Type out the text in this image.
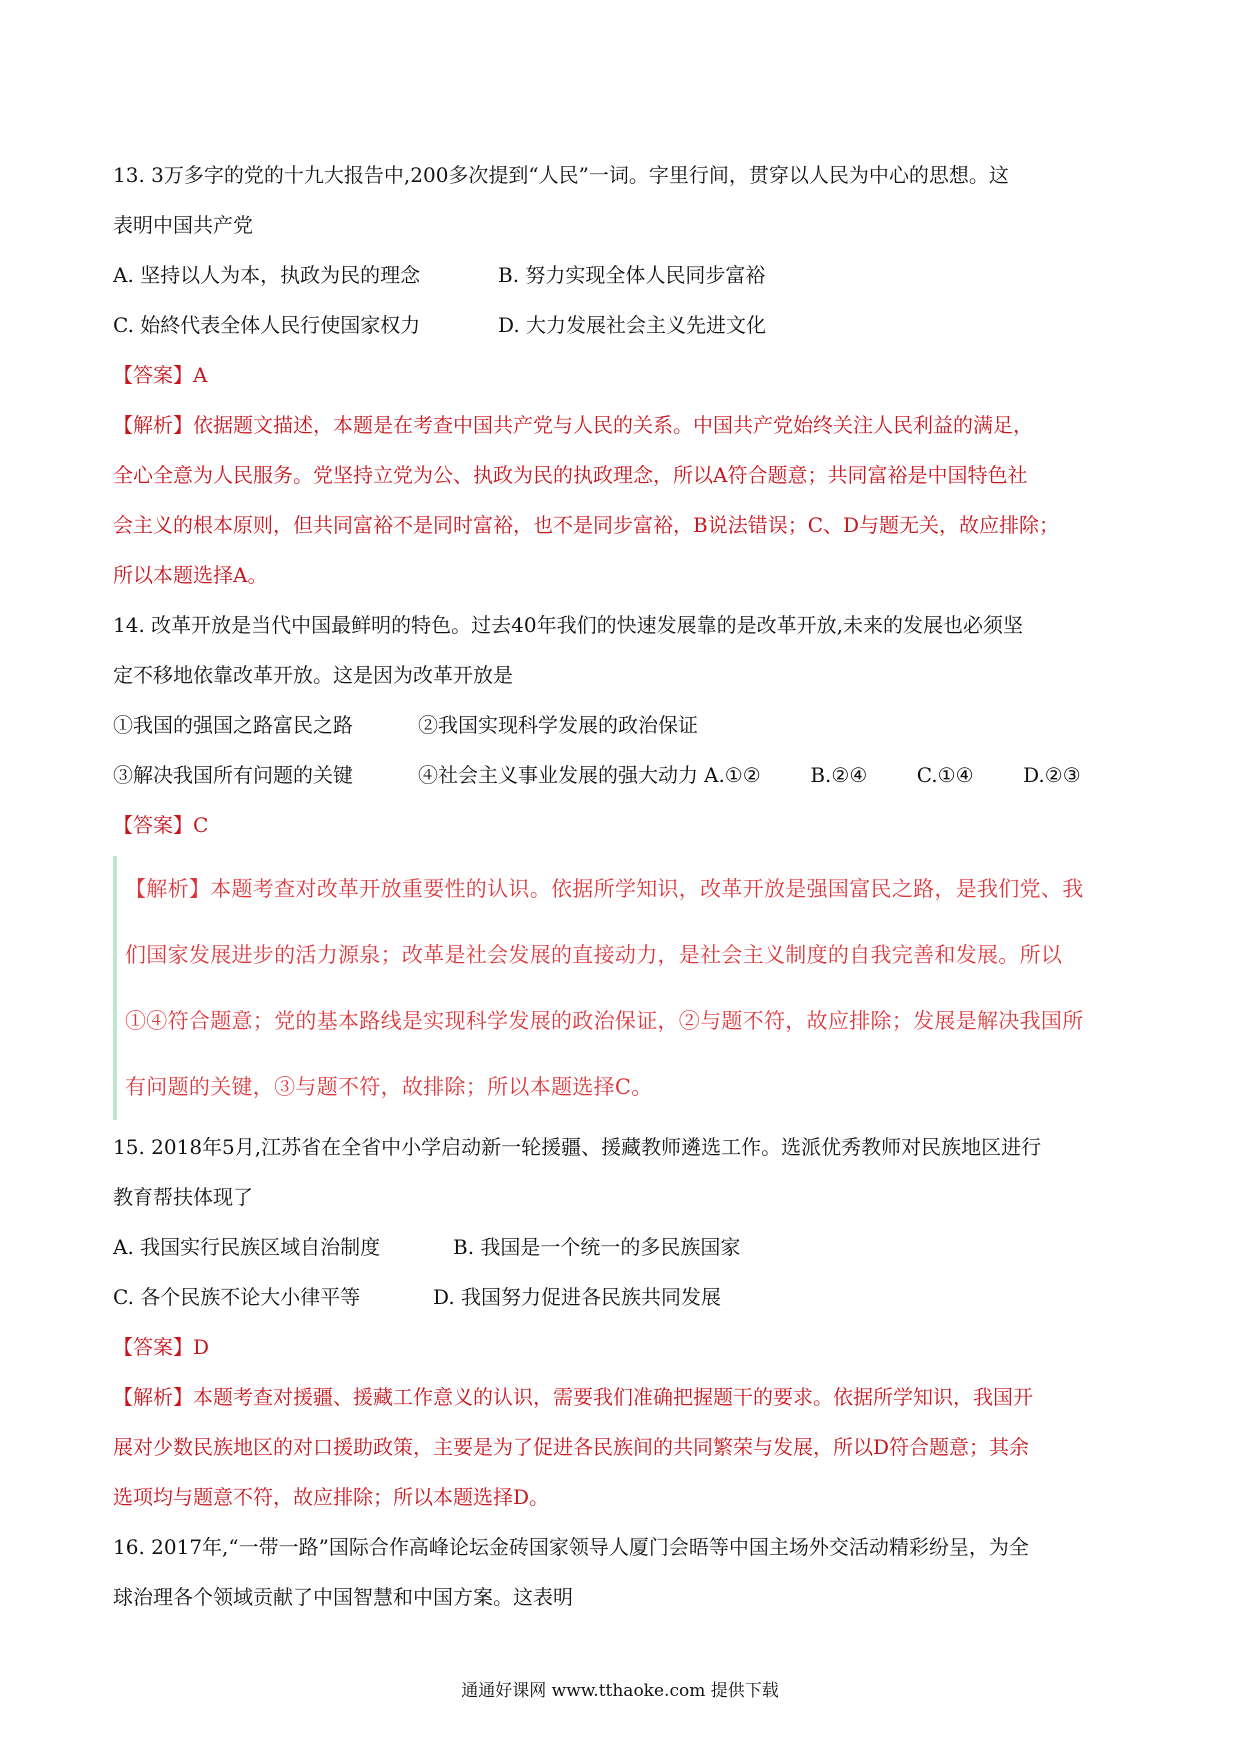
13. 3万多字的党的十九大报告中,200多次提到“人民”一词。字里行间，贯穿以人民为中心的思想。这
表明中国共产党
A. 坚持以人为本，执政为民的理念	B. 努力实现全体人民同步富裕
C. 始終代表全体人民行使国家权力	D. 大力发展社会主义先进文化
【答案】A
【解析】依据题文描述，本题是在考查中国共产党与人民的关系。中国共产党始终关注人民利益的满足，
全心全意为人民服务。党坚持立党为公、执政为民的执政理念，所以A符合题意；共同富裕是中国特色社
会主义的根本原则，但共同富裕不是同时富裕，也不是同步富裕，B说法错误；C、D与题无关，故应排除；
所以本题选择A。
14. 改革开放是当代中国最鲜明的特色。过去40年我们的快速发展靠的是改革开放,未来的发展也必须坚
定不移地依靠改革开放。这是因为改革开放是
①我国的强国之路富民之路	②我国实现科学发展的政治保证
③解决我国所有问题的关键	④社会主义事业发展的强大动力 A.①② B.②④ C.①④ D.②③
【答案】C
【解析】本题考查对改革开放重要性的认识。依据所学知识，改革开放是强国富民之路，是我们党、我
们国家发展进步的活力源泉；改革是社会发展的直接动力，是社会主义制度的自我完善和发展。所以
①④符合题意；党的基本路线是实现科学发展的政治保证，②与题不符，故应排除；发展是解决我国所
有问题的关键，③与题不符，故排除；所以本题选择C。
15. 2018年5月,江苏省在全省中小学启动新一轮援疆、援藏教师遴选工作。选派优秀教师对民族地区进行
教育帮扶体现了
A. 我国实行民族区域自治制度	B. 我国是一个统一的多民族国家
C. 各个民族不论大小律平等	D. 我国努力促进各民族共同发展
【答案】D
【解析】本题考查对援疆、援藏工作意义的认识，需要我们准确把握题干的要求。依据所学知识，我国开
展对少数民族地区的对口援助政策，主要是为了促进各民族间的共同繁荣与发展，所以D符合题意；其余
选项均与题意不符，故应排除；所以本题选择D。
16. 2017年,“一带一路”国际合作高峰论坛金砖国家领导人厦门会晤等中国主场外交活动精彩纷呈，为全
球治理各个领域贡献了中国智慧和中国方案。这表明
通通好课网 www.tthaoke.com 提供下载
